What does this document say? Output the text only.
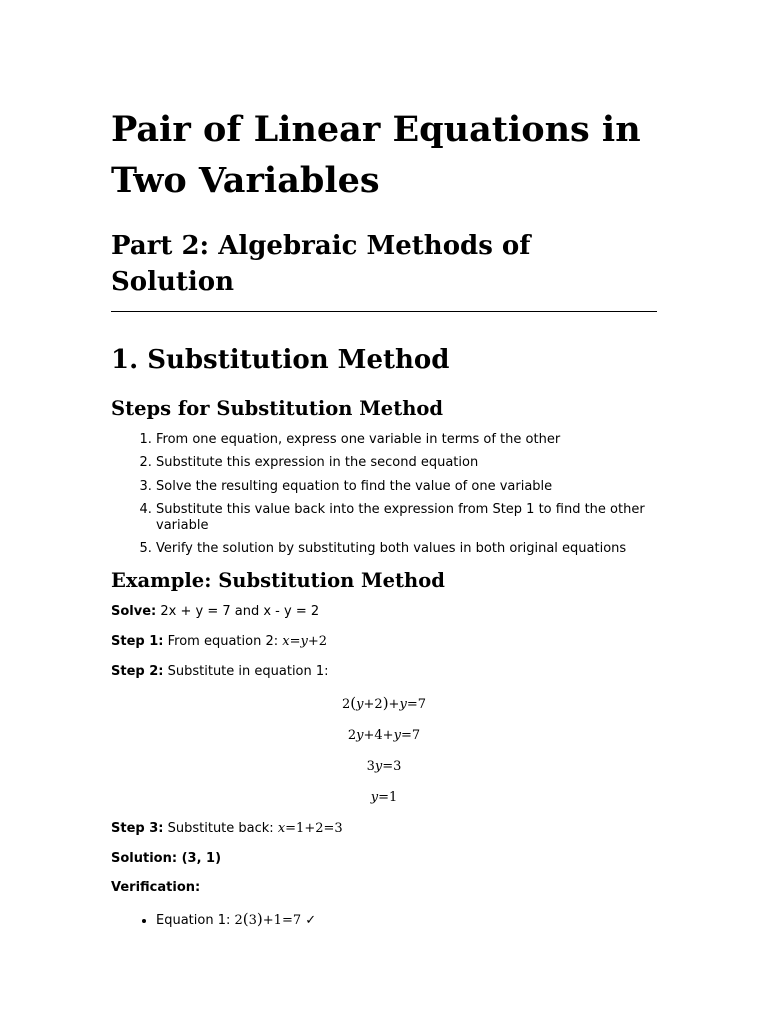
Pair of Linear Equations in Two Variables
Part 2: Algebraic Methods of Solution
1. Substitution Method
Steps for Substitution Method
1. From one equation, express one variable in terms of the other
2. Substitute this expression in the second equation
3. Solve the resulting equation to find the value of one variable
4. Substitute this value back into the expression from Step 1 to find the other variable
5. Verify the solution by substituting both values in both original equations
Example: Substitution Method

Solve: 2x + y = 7 and x - y = 2

Step 1: From equation 2: x=y+2

Step 2: Substitute in equation 1:

2(y+2)+y=7

2y+4+y=7

3y=3

y=1

Step 3: Substitute back: x=1+2=3

Solution: (3, 1)

Verification:

• Equation 1: 2(3)+1=7 ✓
